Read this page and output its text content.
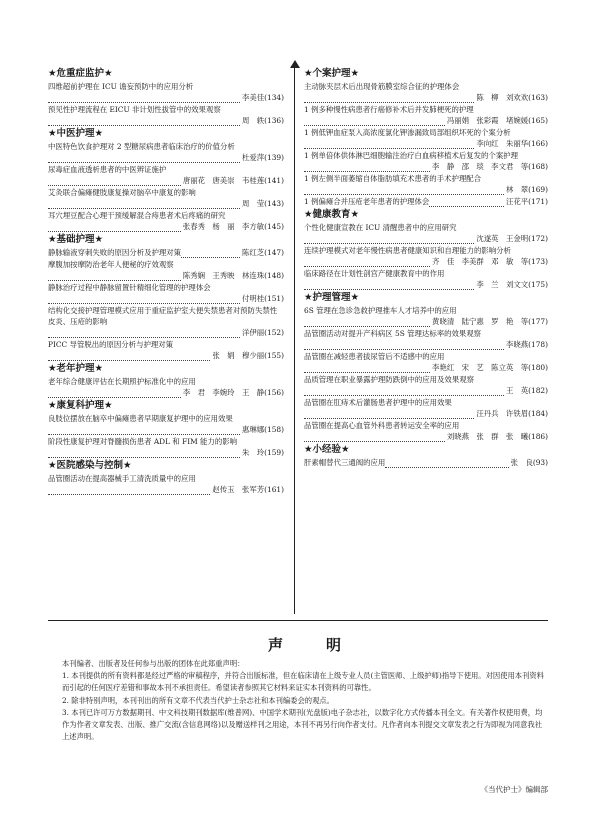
★危重症监护★
四维超前护理在 ICU 谵妄预防中的应用分析
李美佳(134)
预见性护理流程在 EICU 非计划性拔管中的效果观察
周　轶(136)
★中医护理★
中医特色饮食护理对 2 型糖尿病患者临床治疗的价值分析
杜爱萍(139)
尿毒症血液透析患者的中医辨证施护
唐丽花　唐美崇　韦桂莲(141)
艾灸联合偏瘫健肢康复操对脑卒中康复的影响
周　莹(143)
耳穴埋豆配合心理干预缓解混合痔患者术后疼痛的研究
张春秀　杨　丽　李方敏(145)
★基础护理★
静脉输液穿刺失败的原因分析及护理对策	陈红芝(147)
摩腹加按摩防治老年人便秘的疗效观察
陈秀娴　王秀映　林连珠(148)
静脉治疗过程中静脉留置针精细化管理的护理体会
付明桂(151)
结构化交接护理管理模式应用于重症监护室大便失禁患者对预防失禁性皮炎、压疮的影响
洋伊丽(152)
PICC 导管脱出的原因分析与护理对策
张　娟　穆少丽(155)
★老年护理★
老年综合健康评估在长期照护标准化中的应用
李　君　李婉玲　王　静(156)
★康复科护理★
良肢位摆放在脑卒中偏瘫患者早期康复护理中的应用效果
惠琳娜(158)
阶段性康复护理对脊髓损伤患者 ADL 和 FIM 能力的影响
朱　玲(159)
★医院感染与控制★
品管圈活动在提高器械手工清洗质量中的应用
赵传玉　张军芳(161)
★个案护理★
主动脉夹层术后出现骨筋膜室综合征的护理体会
陈　柳　刘欢欢(163)
1 例多种慢性病患者行癌修补术后并发肺梗死的护理
冯丽娟　张彩霞　堵婉媛(165)
1 例低钾血症泵入高浓度氯化钾渗漏致局部组织坏死的个案分析
李向红　朱丽华(166)
1 例单倍体供体淋巴细胞输注治疗白血病移植术后复发的个案护理
李　静　邵　琰　李文君　等(168)
1 例左侧半面萎缩自体脂肪填充术患者的手术护理配合
林　翠(169)
1 例偏瘫合并压疮老年患者的护理体会	汪花平(171)
★健康教育★
个性化健康宣教在 ICU 清醒患者中的应用研究
沈遂英　王金明(172)
连续护理模式对老年慢性病患者健康知识和自理能力的影响分析
齐　佳　李美群　邓　敏　等(173)
临床路径在计划性剖宫产健康教育中的作用
李　兰　刘文文(175)
★护理管理★
6S 管理在急诊急救护理推车人才培养中的应用
黄晓清　陆宁惠　罗　艳　等(177)
品管圈活动对提升产科病区 5S 管理达标率的效果观察
李晓燕(178)
品管圈在减轻患者拔尿管后不适感中的应用
李艳红　宋　艺　陈立英　等(180)
品质管理在职业暴露护理防跌倒中的应用及效果观察
王　英(182)
品管圈在肛痔术后灌肠患者护理中的应用效果
汪丹兵　许铁眉(184)
品管圈在提高心血管外科患者转运安全率的应用
刘晓燕　张　群　张　曦(186)
★小经验★
肝素帽替代三通阀的应用	张　良(93)
声　明

本刊编者、出版者及任何参与出版的团体在此郑重声明：

1. 本刊提供的所有资料都是经过严格的审稿程序，并符合出版标准，但在临床请在上级专业人员(主管医师、上级护师)指导下使用。对因使用本刊资料而引起的任何医疗差错和事故本刊不承担责任。希望读者参照其它材料来证实本刊资料的可靠性。

2. 除非特别声明，本刊刊出的所有文章不代表当代护士杂志社和本刊编委会的观点。

3. 本刊已许可万方数据期刊、中文科技期刊数据库(维普网)、中国学术期刊(光盘版)电子杂志社，以数字化方式传播本刊全文。有关著作权使用费，均作为作者文章发表、出版、推广交流(含信息网络)以及赠送样刊之用途，本刊不再另行向作者支付。凡作者向本刊提交文章发表之行为即视为同意我社上述声明。

《当代护士》编辑部
